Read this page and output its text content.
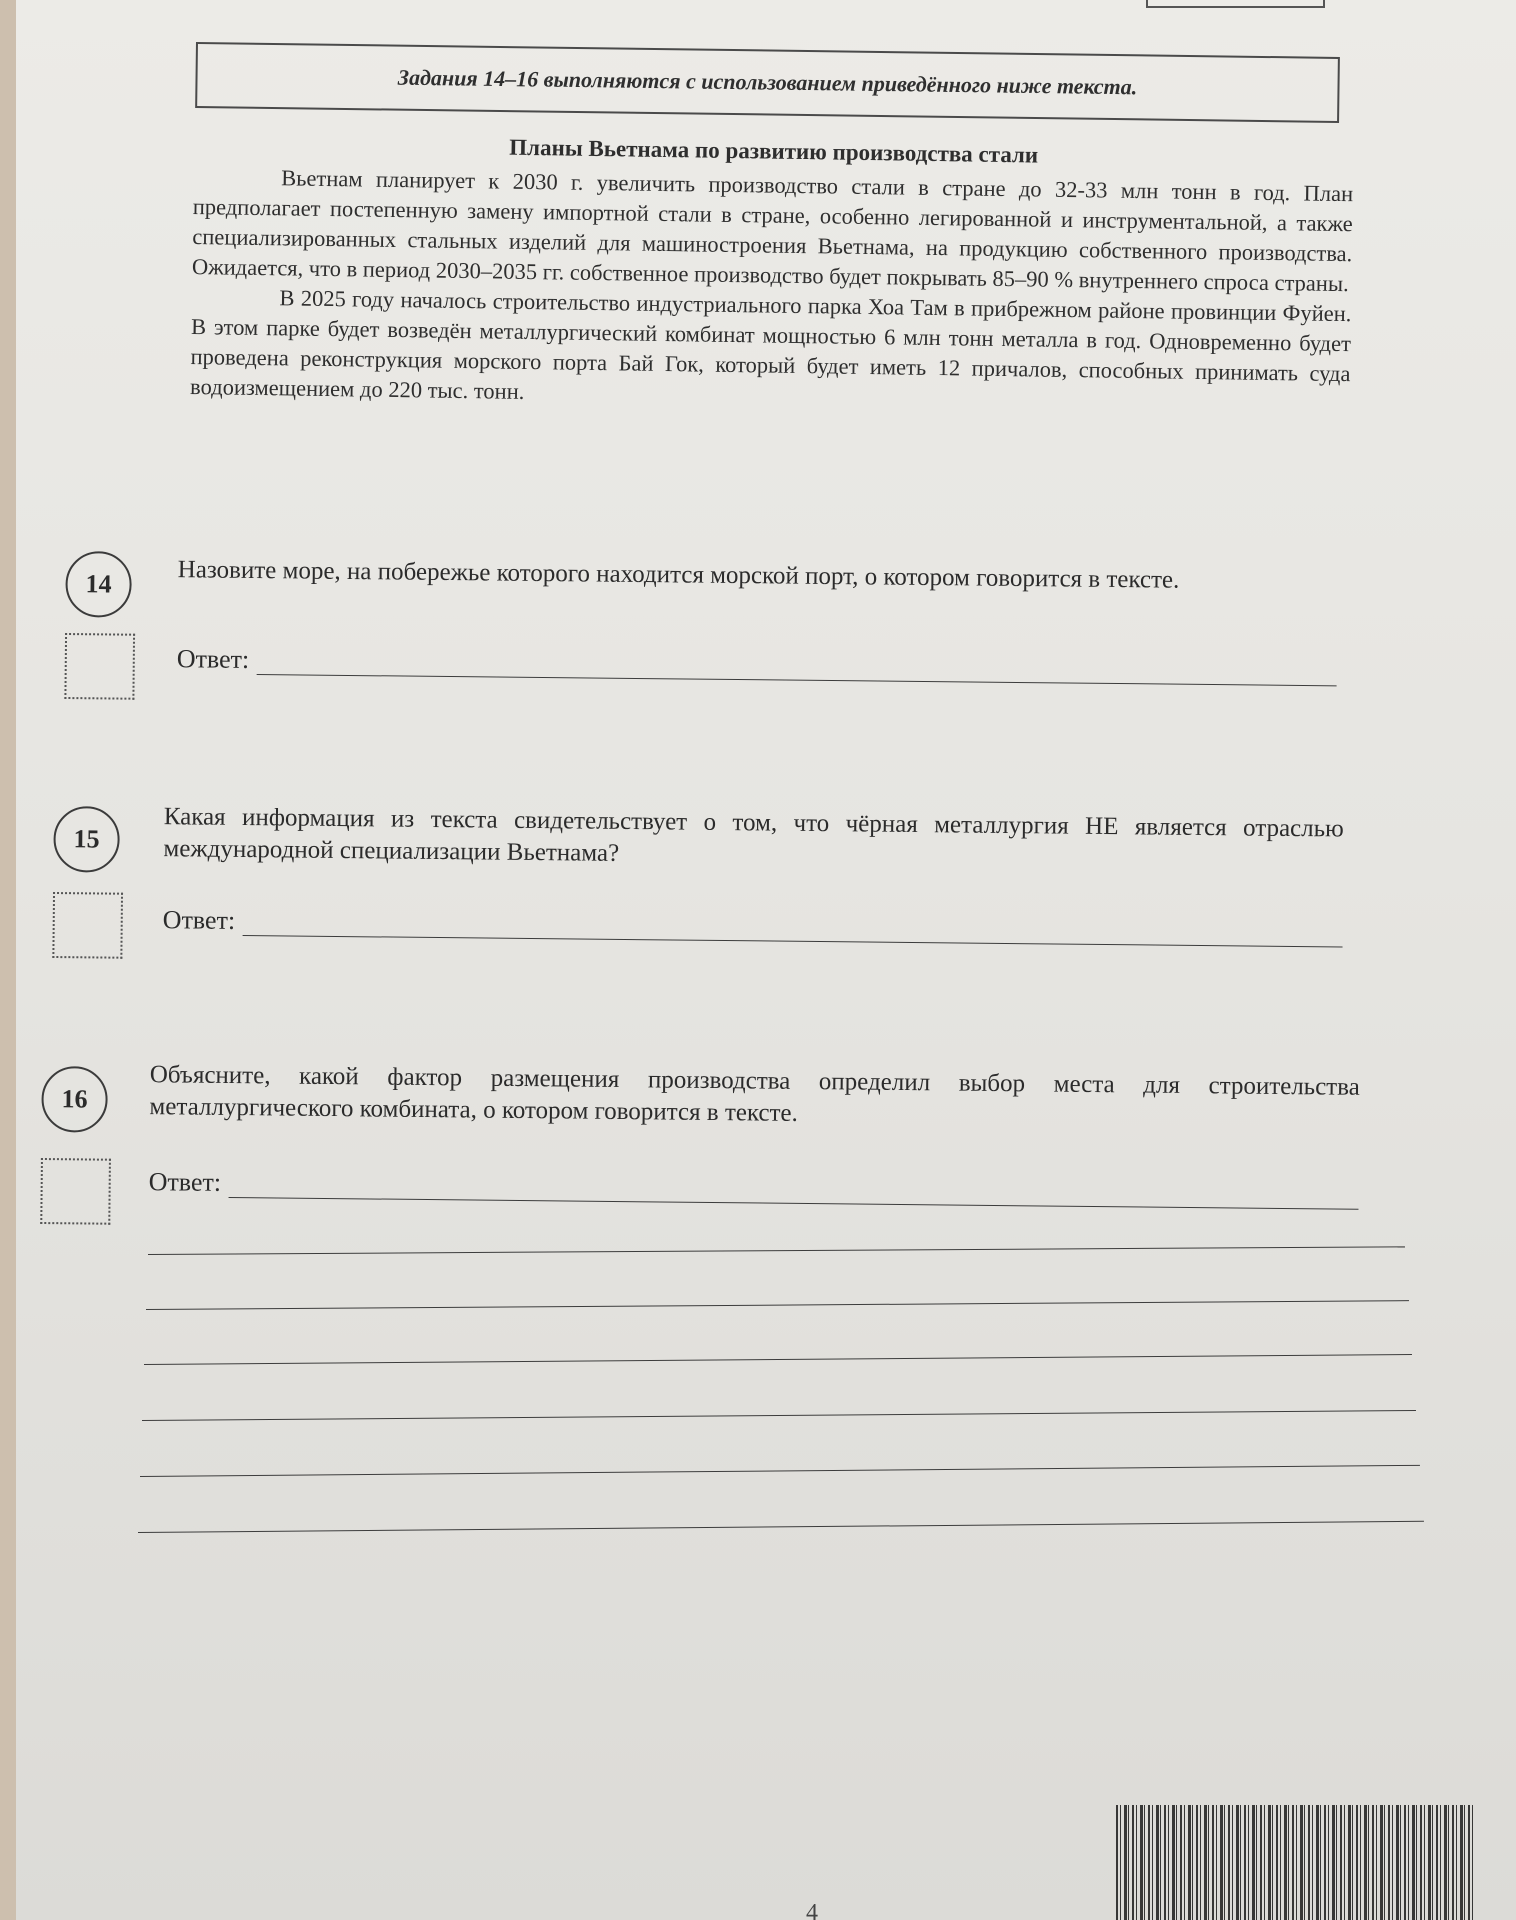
Задания 14–16 выполняются с использованием приведённого ниже текста.
Планы Вьетнама по развитию производства стали

Вьетнам планирует к 2030 г. увеличить производство стали в стране до 32-33 млн тонн в год. План предполагает постепенную замену импортной стали в стране, особенно легированной и инструментальной, а также специализированных стальных изделий для машиностроения Вьетнама, на продукцию собственного производства. Ожидается, что в период 2030–2035 гг. собственное производство будет покрывать 85–90 % внутреннего спроса страны.

В 2025 году началось строительство индустриального парка Хоа Там в прибрежном районе провинции Фуйен. В этом парке будет возведён металлургический комбинат мощностью 6 млн тонн металла в год. Одновременно будет проведена реконструкция морского порта Бай Гок, который будет иметь 12 причалов, способных принимать суда водоизмещением до 220 тыс. тонн.

14	Назовите море, на побережье которого находится морской порт, о котором говорится в тексте.
Ответ:
15	Какая информация из текста свидетельствует о том, что чёрная металлургия НЕ является отраслью международной специализации Вьетнама?
Ответ:
16	Объясните, какой фактор размещения производства определил выбор места для строительства металлургического комбината, о котором говорится в тексте.
Ответ:
4
